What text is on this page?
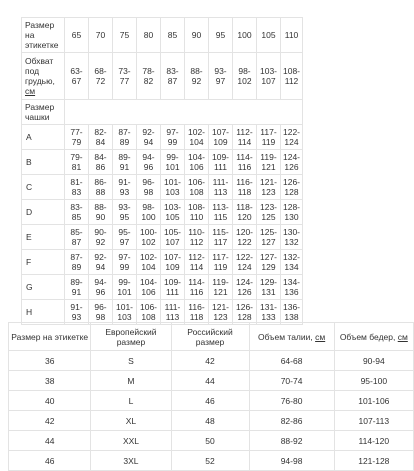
Размер на этикетке	65	70	75	80	85	90	95	100	105	110
Обхват под грудью, см	63-67	68-72	73-77	78-82	83-87	88-92	93-97	98-102	103-107	108-112
Размер чашки										
A	77-79	82-84	87-89	92-94	97-99	102-104	107-109	112-114	117-119	122-124
B	79-81	84-86	89-91	94-96	99-101	104-106	109-111	114-116	119-121	124-126
C	81-83	86-88	91-93	96-98	101-103	106-108	111-113	116-118	121-123	126-128
D	83-85	88-90	93-95	98-100	103-105	108-110	113-115	118-120	123-125	128-130
E	85-87	90-92	95-97	100-102	105-107	110-112	115-117	120-122	125-127	130-132
F	87-89	92-94	97-99	102-104	107-109	112-114	117-119	122-124	127-129	132-134
G	89-91	94-96	99-101	104-106	109-111	114-116	119-121	124-126	129-131	134-136
H	91-93	96-98	101-103	106-108	111-113	116-118	121-123	126-128	131-133	136-138
Размер на этикетке	Европейский размер	Российский размер	Объем талии, см	Объем бедер, см
36	S	42	64-68	90-94
38	M	44	70-74	95-100
40	L	46	76-80	101-106
42	XL	48	82-86	107-113
44	XXL	50	88-92	114-120
46	3XL	52	94-98	121-128
